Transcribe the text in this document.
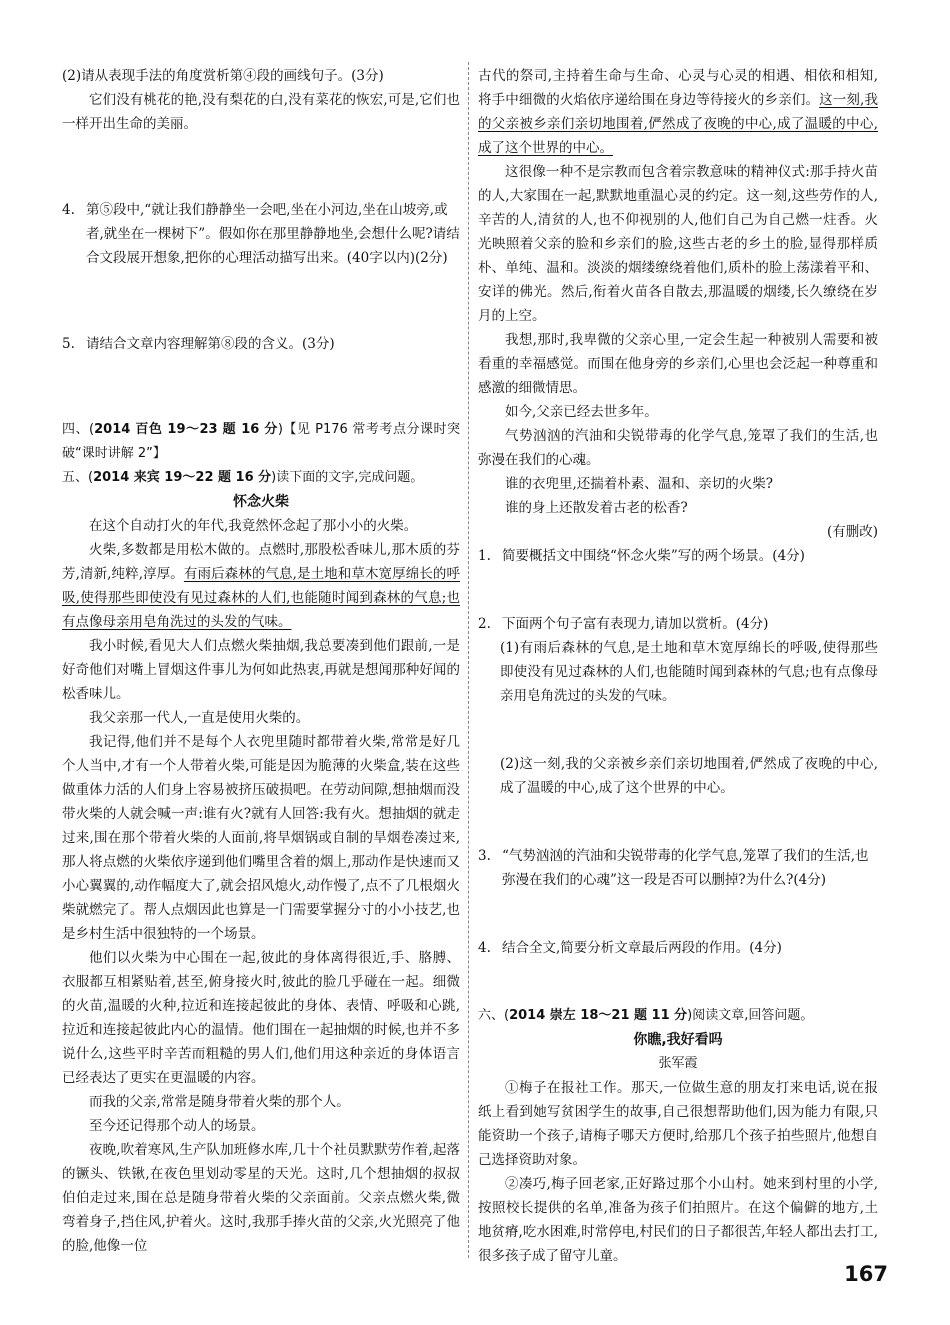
(2)请从表现手法的角度赏析第④段的画线句子。(3分)

它们没有桃花的艳,没有梨花的白,没有菜花的恢宏,可是,它们也一样开出生命的美丽。

4. 第⑤段中,“就让我们静静坐一会吧,坐在小河边,坐在山坡旁,或者,就坐在一棵树下”。假如你在那里静静地坐,会想什么呢?请结合文段展开想象,把你的心理活动描写出来。(40字以内)(2分)
5. 请结合文章内容理解第⑧段的含义。(3分)

四、(2014 百色 19～23 题 16 分)【见 P176 常考考点分课时突破“课时讲解 2”】

五、(2014 来宾 19～22 题 16 分)读下面的文字,完成问题。

怀念火柴

在这个自动打火的年代,我竟然怀念起了那小小的火柴。

火柴,多数都是用松木做的。点燃时,那股松香味儿,那木质的芬芳,清新,纯粹,淳厚。有雨后森林的气息,是土地和草木宽厚绵长的呼吸,使得那些即使没有见过森林的人们,也能随时闻到森林的气息;也有点像母亲用皂角洗过的头发的气味。

我小时候,看见大人们点燃火柴抽烟,我总要凑到他们跟前,一是好奇他们对嘴上冒烟这件事儿为何如此热衷,再就是想闻那种好闻的松香味儿。

我父亲那一代人,一直是使用火柴的。

我记得,他们并不是每个人衣兜里随时都带着火柴,常常是好几个人当中,才有一个人带着火柴,可能是因为脆薄的火柴盒,装在这些做重体力活的人们身上容易被挤压破损吧。在劳动间隙,想抽烟而没带火柴的人就会喊一声:谁有火?就有人回答:我有火。想抽烟的就走过来,围在那个带着火柴的人面前,将旱烟锅或自制的旱烟卷凑过来,那人将点燃的火柴依序递到他们嘴里含着的烟上,那动作是快速而又小心翼翼的,动作幅度大了,就会招风熄火,动作慢了,点不了几根烟火柴就燃完了。帮人点烟因此也算是一门需要掌握分寸的小小技艺,也是乡村生活中很独特的一个场景。

他们以火柴为中心围在一起,彼此的身体离得很近,手、胳膊、衣服都互相紧贴着,甚至,俯身接火时,彼此的脸几乎碰在一起。细微的火苗,温暖的火种,拉近和连接起彼此的身体、表情、呼吸和心跳,拉近和连接起彼此内心的温情。他们围在一起抽烟的时候,也并不多说什么,这些平时辛苦而粗糙的男人们,他们用这种亲近的身体语言已经表达了更实在更温暖的内容。

而我的父亲,常常是随身带着火柴的那个人。

至今还记得那个动人的场景。

夜晚,吹着寒风,生产队加班修水库,几十个社员默默劳作着,起落的镢头、铁锹,在夜色里划动零星的天光。这时,几个想抽烟的叔叔伯伯走过来,围在总是随身带着火柴的父亲面前。父亲点燃火柴,微弯着身子,挡住风,护着火。这时,我那手捧火苗的父亲,火光照亮了他的脸,他像一位

古代的祭司,主持着生命与生命、心灵与心灵的相遇、相依和相知,将手中细微的火焰依序递给围在身边等待接火的乡亲们。这一刻,我的父亲被乡亲们亲切地围着,俨然成了夜晚的中心,成了温暖的中心,成了这个世界的中心。

这很像一种不是宗教而包含着宗教意味的精神仪式:那手持火苗的人,大家围在一起,默默地重温心灵的约定。这一刻,这些劳作的人,辛苦的人,清贫的人,也不仰视别的人,他们自己为自己燃一炷香。火光映照着父亲的脸和乡亲们的脸,这些古老的乡土的脸,显得那样质朴、单纯、温和。淡淡的烟缕缭绕着他们,质朴的脸上荡漾着平和、安详的佛光。然后,衔着火苗各自散去,那温暖的烟缕,长久缭绕在岁月的上空。

我想,那时,我卑微的父亲心里,一定会生起一种被别人需要和被看重的幸福感觉。而围在他身旁的乡亲们,心里也会泛起一种尊重和感激的细微情思。

如今,父亲已经去世多年。

气势汹汹的汽油和尖锐带毒的化学气息,笼罩了我们的生活,也弥漫在我们的心魂。

谁的衣兜里,还揣着朴素、温和、亲切的火柴?

谁的身上还散发着古老的松香?

(有删改)

1. 简要概括文中围绕“怀念火柴”写的两个场景。(4分)
2. 下面两个句子富有表现力,请加以赏析。(4分)

(1)有雨后森林的气息,是土地和草木宽厚绵长的呼吸,使得那些即使没有见过森林的人们,也能随时闻到森林的气息;也有点像母亲用皂角洗过的头发的气味。

(2)这一刻,我的父亲被乡亲们亲切地围着,俨然成了夜晚的中心,成了温暖的中心,成了这个世界的中心。

3. “气势汹汹的汽油和尖锐带毒的化学气息,笼罩了我们的生活,也弥漫在我们的心魂”这一段是否可以删掉?为什么?(4分)
4. 结合全文,简要分析文章最后两段的作用。(4分)

六、(2014 崇左 18～21 题 11 分)阅读文章,回答问题。

你瞧,我好看吗

张军霞

①梅子在报社工作。那天,一位做生意的朋友打来电话,说在报纸上看到她写贫困学生的故事,自己很想帮助他们,因为能力有限,只能资助一个孩子,请梅子哪天方便时,给那几个孩子拍些照片,他想自己选择资助对象。

②凑巧,梅子回老家,正好路过那个小山村。她来到村里的小学,按照校长提供的名单,准备为孩子们拍照片。在这个偏僻的地方,土地贫瘠,吃水困难,时常停电,村民们的日子都很苦,年轻人都出去打工,很多孩子成了留守儿童。

167
